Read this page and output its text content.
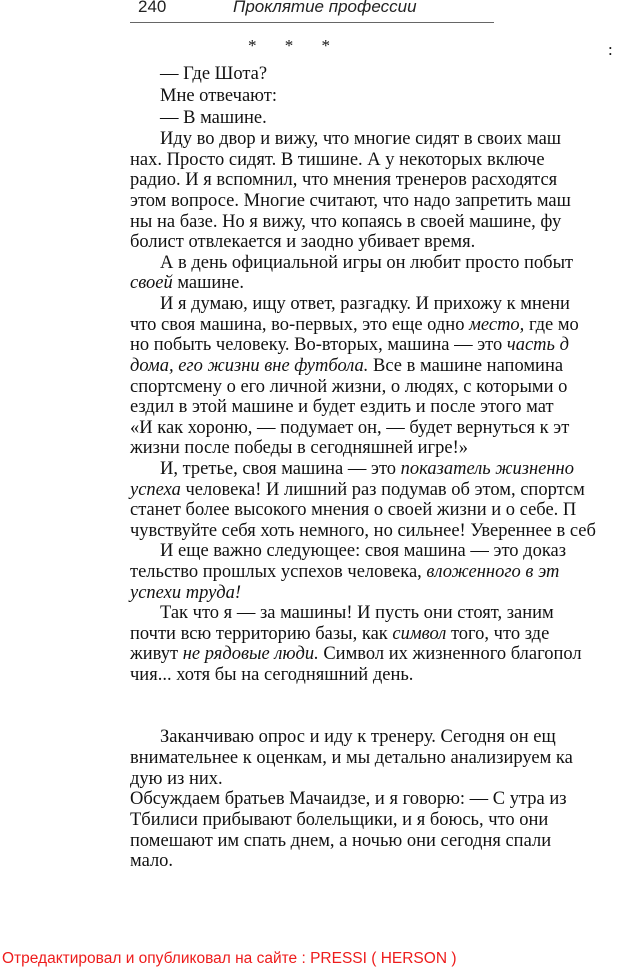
240	Проклятие профессии
* * *	:
— Где Шота?
Мне отвечают:
— В машине.
Иду во двор и вижу, что многие сидят в своих маш
нах. Просто сидят. В тишине. А у некоторых включе
радио. И я вспомнил, что мнения тренеров расходятся
этом вопросе. Многие считают, что надо запретить маш
ны на базе. Но я вижу, что копаясь в своей машине, фу
болист отвлекается и заодно убивает время.
А в день официальной игры он любит просто побыт
своей машине.
И я думаю, ищу ответ, разгадку. И прихожу к мнени
что своя машина, во-первых, это еще одно место, где мо
но побыть человеку. Во-вторых, машина — это часть д
дома, его жизни вне футбола. Все в машине напомина
спортсмену о его личной жизни, о людях, с которыми о
ездил в этой машине и будет ездить и после этого мат
«И как хороню, — подумает он, — будет вернуться к эт
жизни после победы в сегодняшней игре!»
И, третье, своя машина — это показатель жизненно
успеха человека! И лишний раз подумав об этом, спортсм
станет более высокого мнения о своей жизни и о себе. П
чувствуйте себя хоть немного, но сильнее! Увереннее в себ
И еще важно следующее: своя машина — это доказ
тельство прошлых успехов человека, вложенного в эт
успехи труда!
Так что я — за машины! И пусть они стоят, заним
почти всю территорию базы, как символ того, что зде
живут не рядовые люди. Символ их жизненного благопол
чия... хотя бы на сегодняшний день.
Заканчиваю опрос и иду к тренеру. Сегодня он ещ
внимательнее к оценкам, и мы детально анализируем ка
дую из них.
Обсуждаем братьев Мачаидзе, и я говорю: — С утра из
Тбилиси прибывают болельщики, и я боюсь, что они
помешают им спать днем, а ночью они сегодня спали
мало.
Отредактировал и опубликовал на сайте : PRESSI ( HERSON )
